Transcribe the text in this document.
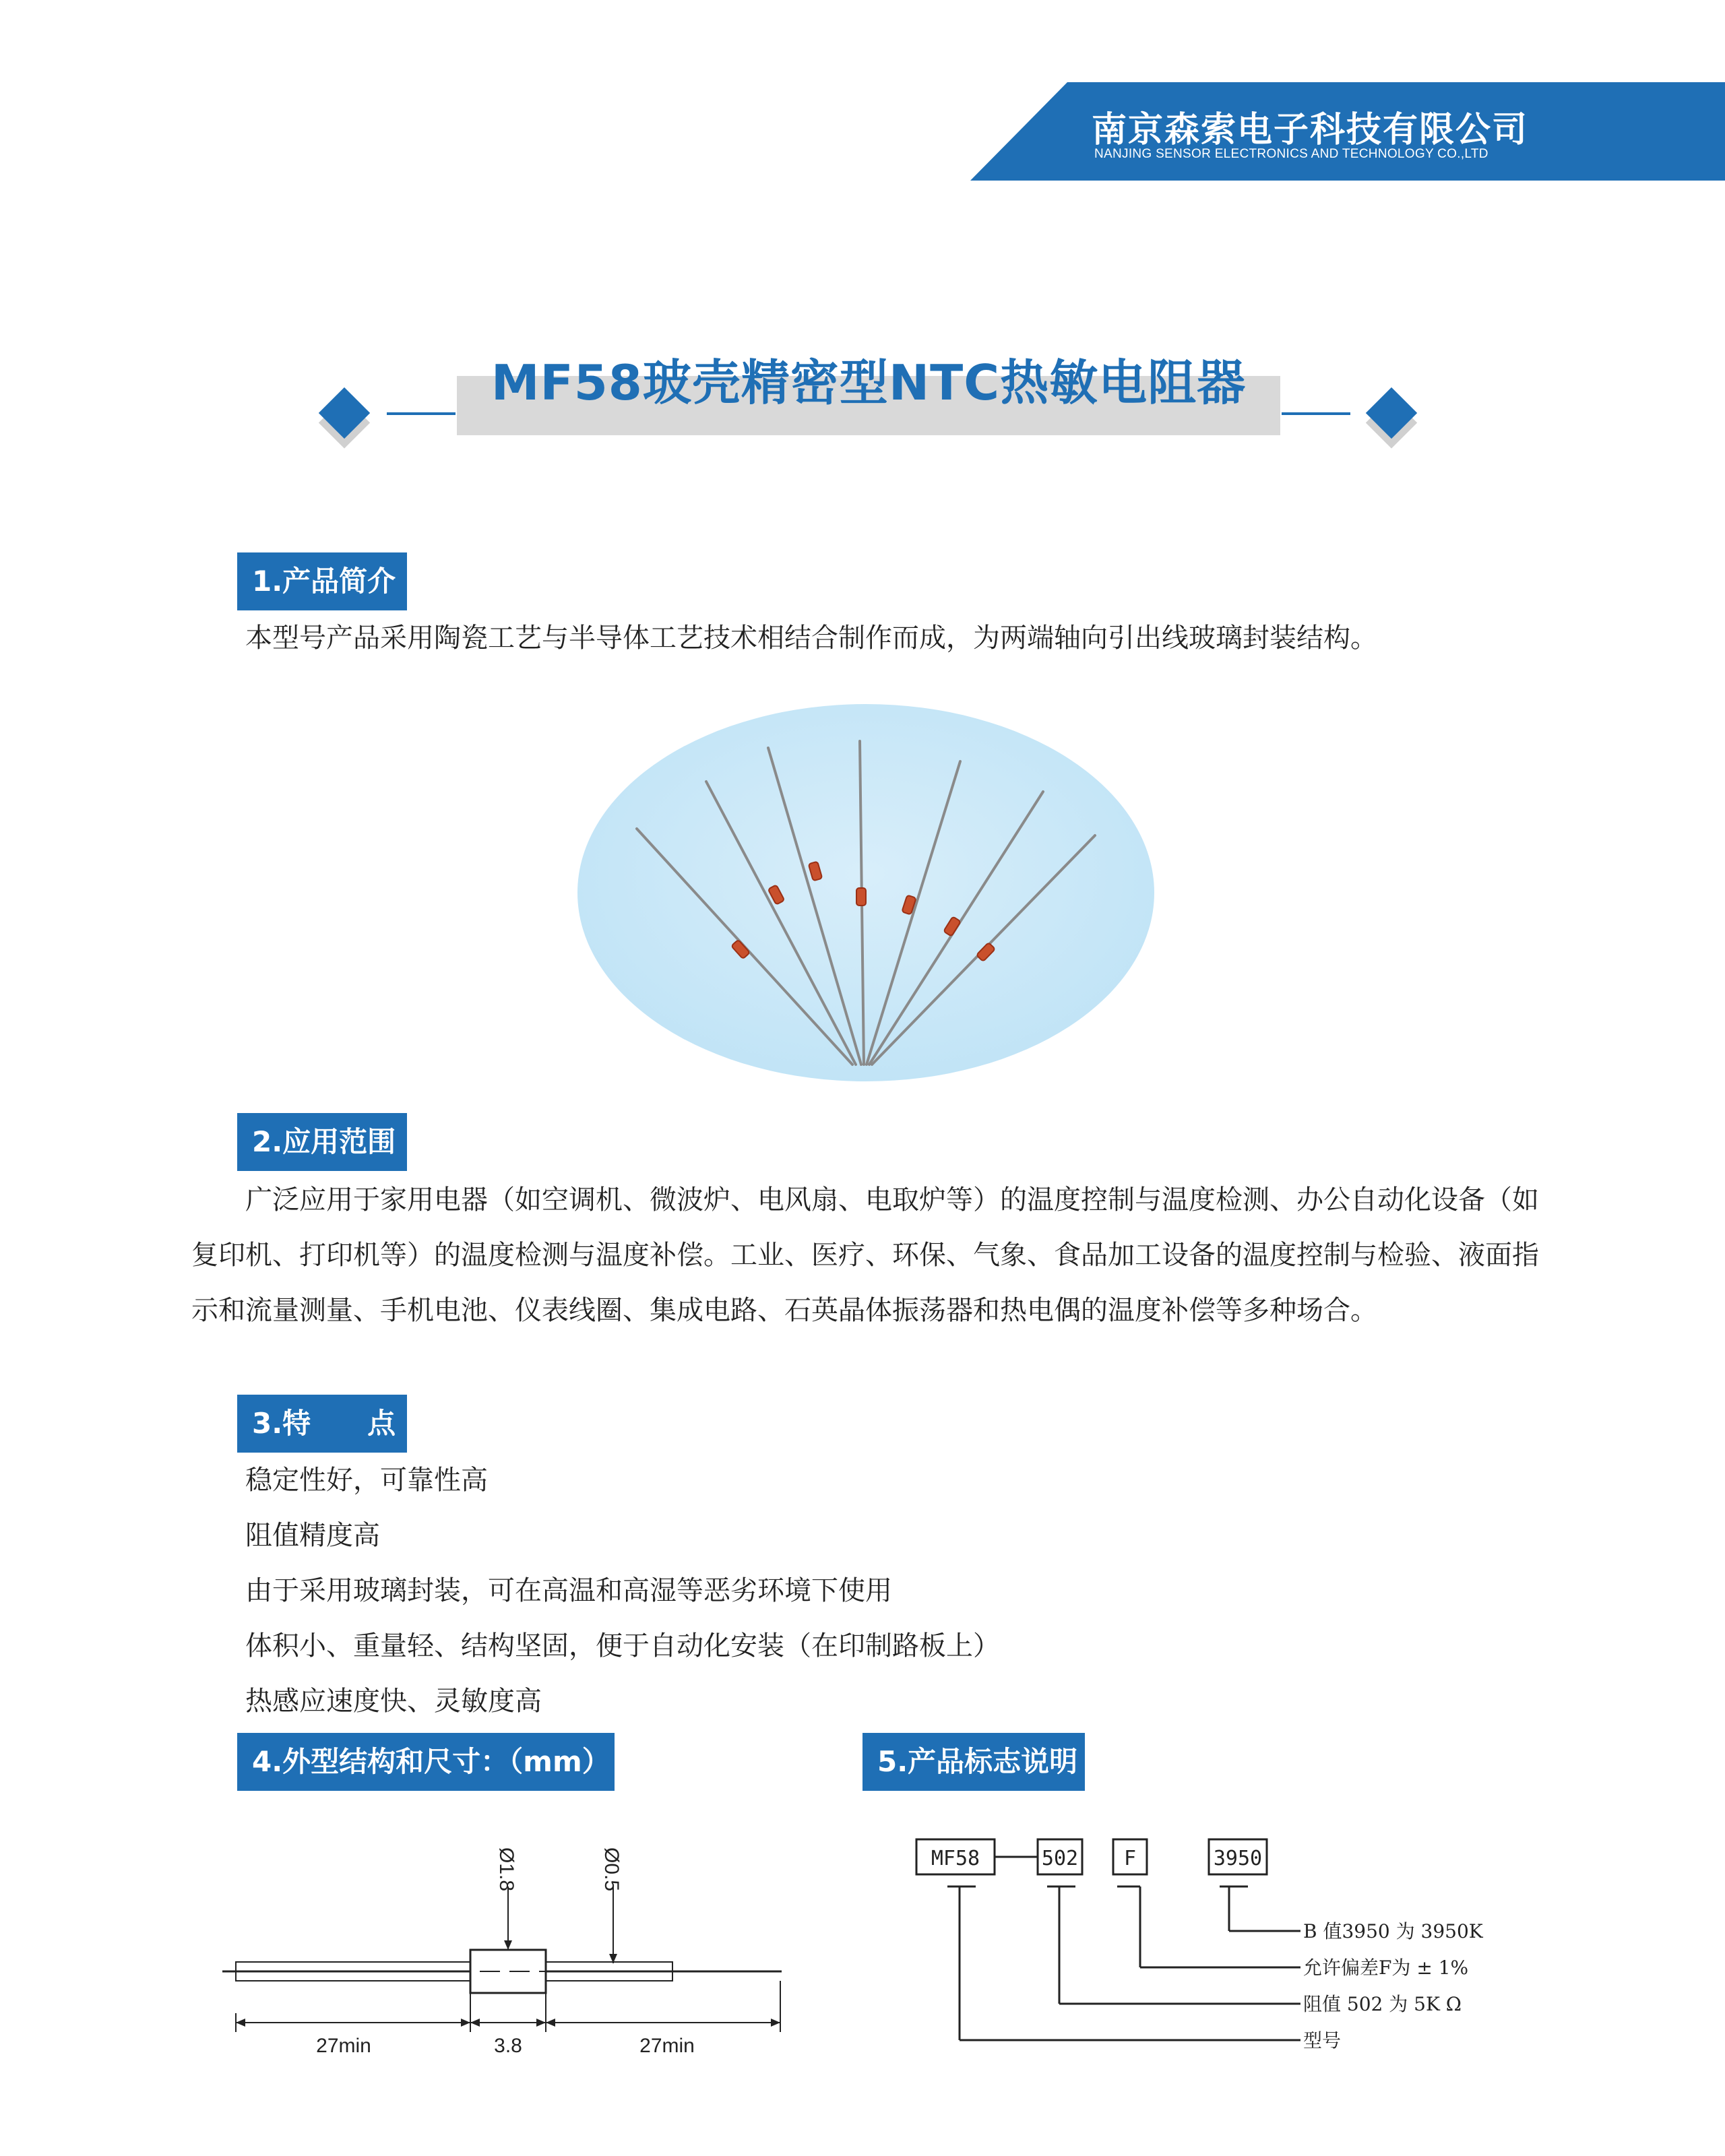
南京森索电子科技有限公司
NANJING SENSOR ELECTRONICS AND TECHNOLOGY CO.,LTD
MF58玻壳精密型NTC热敏电阻器
1.产品简介
本型号产品采用陶瓷工艺与半导体工艺技术相结合制作而成，为两端轴向引出线玻璃封装结构。
2.应用范围
广泛应用于家用电器（如空调机、微波炉、电风扇、电取炉等）的温度控制与温度检测、办公自动化设备（如复印机、打印机等）的温度检测与温度补偿。工业、医疗、环保、气象、食品加工设备的温度控制与检验、液面指示和流量测量、手机电池、仪表线圈、集成电路、石英晶体振荡器和热电偶的温度补偿等多种场合。
3.特　　点
稳定性好，可靠性高
阻值精度高
由于采用玻璃封装，可在高温和高湿等恶劣环境下使用
体积小、重量轻、结构坚固，便于自动化安装（在印制路板上）
热感应速度快、灵敏度高
4.外型结构和尺寸：（mm）
27min	3.8	27min
Ø1.8	Ø0.5
5.产品标志说明
MF58	502 F	3950
B 值3950 为 3950K
允许偏差F为 ± 1%
阻值 502 为 5K Ω
型号
